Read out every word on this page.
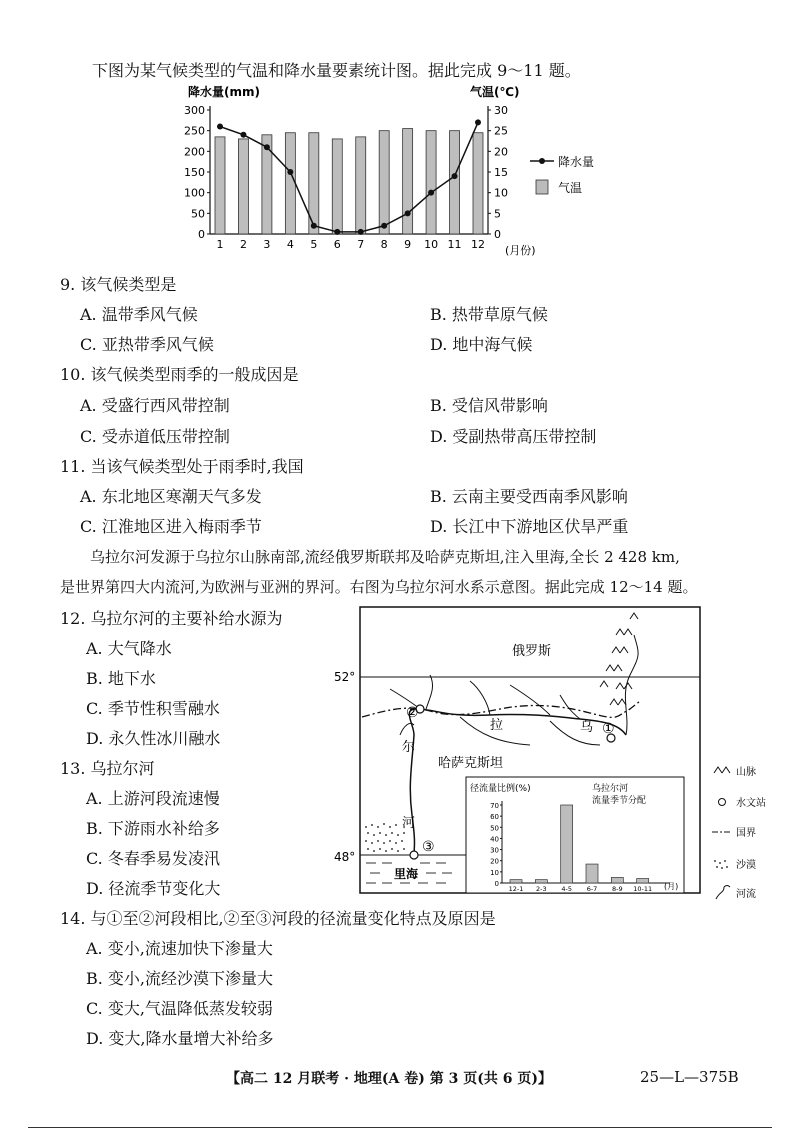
下图为某气候类型的气温和降水量要素统计图。据此完成 9～11 题。
降水量(mm)	气温(℃)
0
50
100
150
200
250
300
0
5
10
15
20
25
30
1 2 3 4 5 6 7 8 9 10 11 12 (月份)
降水量
气温
9. 该气候类型是
A. 温带季风气候	B. 热带草原气候
C. 亚热带季风气候	D. 地中海气候
10. 该气候类型雨季的一般成因是
A. 受盛行西风带控制	B. 受信风带影响
C. 受赤道低压带控制	D. 受副热带高压带控制
11. 当该气候类型处于雨季时,我国
A. 东北地区寒潮天气多发	B. 云南主要受西南季风影响
C. 江淮地区进入梅雨季节	D. 长江中下游地区伏旱严重
乌拉尔河发源于乌拉尔山脉南部,流经俄罗斯联邦及哈萨克斯坦,注入里海,全长 2 428 km,
是世界第四大内流河,为欧洲与亚洲的界河。右图为乌拉尔河水系示意图。据此完成 12～14 题。
12. 乌拉尔河的主要补给水源为
A. 大气降水
B. 地下水
C. 季节性积雪融水
D. 永久性冰川融水
13. 乌拉尔河
A. 上游河段流速慢
B. 下游雨水补给多
C. 冬春季易发凌汛
D. 径流季节变化大
14. 与①至②河段相比,②至③河段的径流量变化特点及原因是
A. 变小,流速加快下渗量大
B. 变小,流经沙漠下渗量大
C. 变大,气温降低蒸发较弱
D. 变大,降水量增大补给多
52°
48°
里海
①
②
③
俄罗斯
哈萨克斯坦
乌
拉
尔
河
径流量比例(%)	乌拉尔河
流量季节分配
0
10
20
30
40
50
60
70
12-1 2-3 4-5 6-7 8-9 10-11 (月)
山脉
水文站
国界
沙漠
河流
【高二 12 月联考 · 地理(A 卷) 第 3 页(共 6 页)】	25—L—375B
